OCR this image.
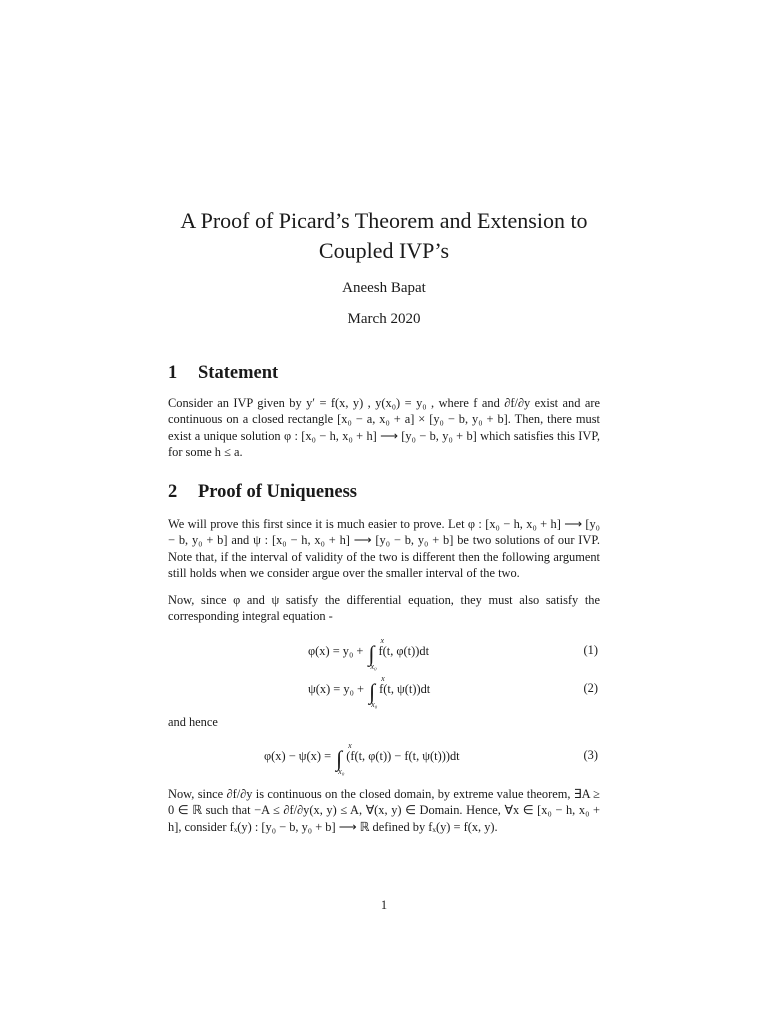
A Proof of Picard’s Theorem and Extension to
Coupled IVP’s
Aneesh Bapat
March 2020
1 Statement
Consider an IVP given by y′ = f(x, y) , y(x₀) = y₀ , where f and ∂f/∂y exist and are continuous on a closed rectangle [x₀ − a, x₀ + a] × [y₀ − b, y₀ + b]. Then, there must exist a unique solution φ : [x₀ − h, x₀ + h] ⟶ [y₀ − b, y₀ + b] which satisfies this IVP, for some h ≤ a.
2 Proof of Uniqueness
We will prove this first since it is much easier to prove. Let φ : [x₀ − h, x₀ + h] ⟶ [y₀ − b, y₀ + b] and ψ : [x₀ − h, x₀ + h] ⟶ [y₀ − b, y₀ + b] be two solutions of our IVP. Note that, if the interval of validity of the two is different then the following argument still holds when we consider argue over the smaller interval of the two.
Now, since φ and ψ satisfy the differential equation, they must also satisfy the corresponding integral equation -
φ(x) = y₀ + ∫
x
x₀
f(t, φ(t))dt	(1)
ψ(x) = y₀ + ∫
x
x₀
f(t, ψ(t))dt	(2)
and hence
φ(x) − ψ(x) = ∫
x
x₀
(f(t, φ(t)) − f(t, ψ(t)))dt	(3)
Now, since ∂f/∂y is continuous on the closed domain, by extreme value theorem, ∃A ≥ 0 ∈ ℝ such that −A ≤ ∂f/∂y(x, y) ≤ A, ∀(x, y) ∈ Domain. Hence, ∀x ∈ [x₀ − h, x₀ + h], consider fₓ(y) : [y₀ − b, y₀ + b] ⟶ ℝ defined by fₓ(y) = f(x, y).
1
